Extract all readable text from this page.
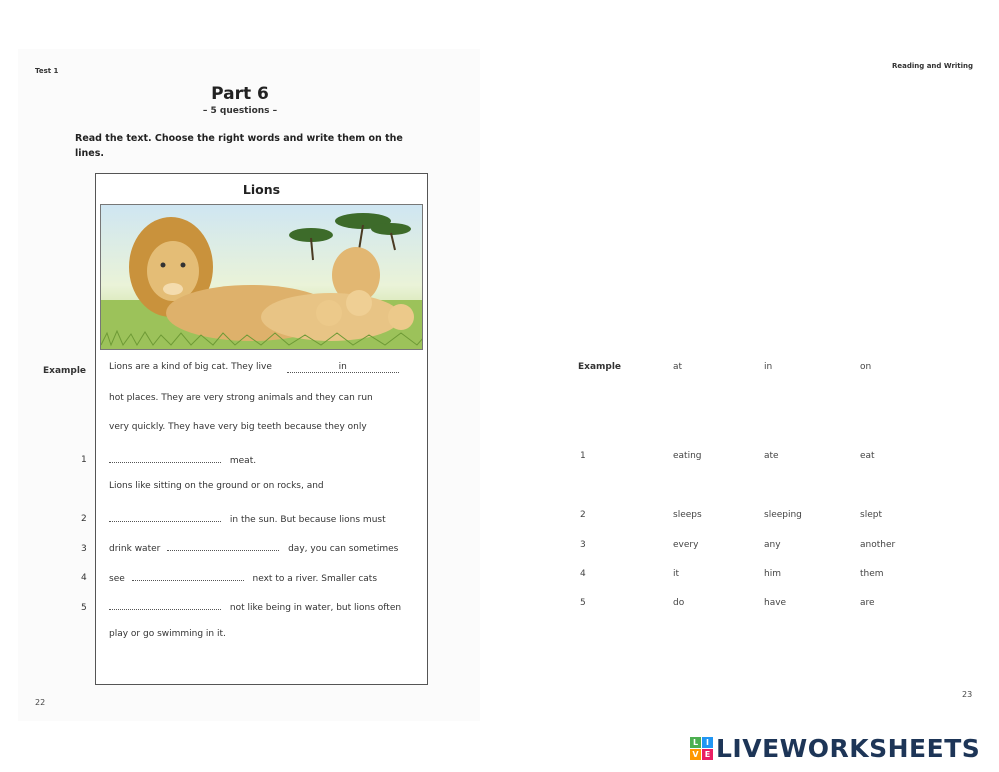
Test 1
Part 6
– 5 questions –
Read the text. Choose the right words and write them on the lines.
Lions
Example	Lions are a kind of big cat. They live	in
hot places. They are very strong animals and they can run
very quickly. They have very big teeth because they only
1	meat.
Lions like sitting on the ground or on rocks, and
2	in the sun. But because lions must
3 drink water	day, you can sometimes
4 see	next to a river. Smaller cats
5	not like being in water, but lions often
play or go swimming in it.
22
Reading and Writing
Example	at	in	on
1	eating	ate	eat
2	sleeps	sleeping	slept
3	every	any	another
4	it	him	them
5	do	have	are
23
L I
V E LIVEWORKSHEETS
